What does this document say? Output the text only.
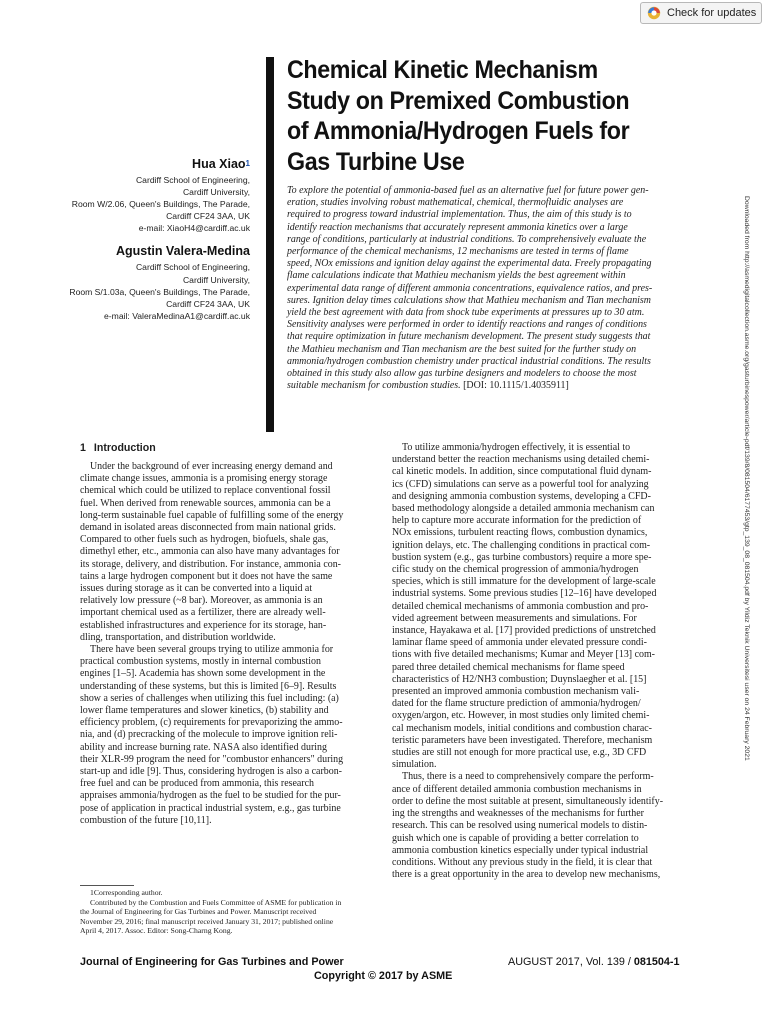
Check for updates
Hua Xiao$^1$
Cardiff School of Engineering,
Cardiff University,
Room W/2.06, Queen's Buildings, The Parade,
Cardiff CF24 3AA, UK
e-mail: XiaoH4@cardiff.ac.uk
Agustin Valera-Medina
Cardiff School of Engineering,
Cardiff University,
Room S/1.03a, Queen's Buildings, The Parade,
Cardiff CF24 3AA, UK
e-mail: ValeraMedinaA1@cardiff.ac.uk
Chemical Kinetic Mechanism
Study on Premixed Combustion
of Ammonia/Hydrogen Fuels for
Gas Turbine Use
To explore the potential of ammonia-based fuel as an alternative fuel for future power gen-
eration, studies involving robust mathematical, chemical, thermofluidic analyses are
required to progress toward industrial implementation. Thus, the aim of this study is to
identify reaction mechanisms that accurately represent ammonia kinetics over a large
range of conditions, particularly at industrial conditions. To comprehensively evaluate the
performance of the chemical mechanisms, 12 mechanisms are tested in terms of flame
speed, NOx emissions and ignition delay against the experimental data. Freely propagating
flame calculations indicate that Mathieu mechanism yields the best agreement within
experimental data range of different ammonia concentrations, equivalence ratios, and pres-
sures. Ignition delay times calculations show that Mathieu mechanism and Tian mechanism
yield the best agreement with data from shock tube experiments at pressures up to 30 atm.
Sensitivity analyses were performed in order to identify reactions and ranges of conditions
that require optimization in future mechanism development. The present study suggests that
the Mathieu mechanism and Tian mechanism are the best suited for the further study on
ammonia/hydrogen combustion chemistry under practical industrial conditions. The results
obtained in this study also allow gas turbine designers and modelers to choose the most
suitable mechanism for combustion studies. [DOI: 10.1115/1.4035911]	Downloaded from http://asmedigitalcollection.asme.org/gasturbinespower/article-pdf/139/8/081504/6177453/gtp_139_08_081504.pdf by Yildiz Teknik Universitesi user on 24 February 2021
1 Introduction
Under the background of ever increasing energy demand and
climate change issues, ammonia is a promising energy storage
chemical which could be utilized to replace conventional fossil
fuel. When derived from renewable sources, ammonia can be a
long-term sustainable fuel capable of fulfilling some of the energy
demand in isolated areas disconnected from main national grids.
Compared to other fuels such as hydrogen, biofuels, shale gas,
dimethyl ether, etc., ammonia can also have many advantages for
its storage, delivery, and distribution. For instance, ammonia con-
tains a large hydrogen component but it does not have the same
issues during storage as it can be converted into a liquid at
relatively low pressure (~8 bar). Moreover, as ammonia is an
important chemical used as a fertilizer, there are already well-
established infrastructures and experience for its storage, han-
dling, transportation, and distribution worldwide.
There have been several groups trying to utilize ammonia for
practical combustion systems, mostly in internal combustion
engines [1–5]. Academia has shown some development in the
understanding of these systems, but this is limited [6–9]. Results
show a series of challenges when utilizing this fuel including: (a)
lower flame temperatures and slower kinetics, (b) stability and
efficiency problem, (c) requirements for prevaporizing the ammo-
nia, and (d) precracking of the molecule to improve ignition reli-
ability and increase burning rate. NASA also identified during
their XLR-99 program the need for "combustor enhancers" during
start-up and idle [9]. Thus, considering hydrogen is also a carbon-
free fuel and can be produced from ammonia, this research
appraises ammonia/hydrogen as the fuel to be studied for the pur-
pose of application in practical industrial system, e.g., gas turbine
combustion of the future [10,11].
To utilize ammonia/hydrogen effectively, it is essential to
understand better the reaction mechanisms using detailed chemi-
cal kinetic models. In addition, since computational fluid dynam-
ics (CFD) simulations can serve as a powerful tool for analyzing
and designing ammonia combustion systems, developing a CFD-
based methodology alongside a detailed ammonia mechanism can
help to capture more accurate information for the prediction of
NOx emissions, turbulent reacting flows, combustion dynamics,
ignition delays, etc. The challenging conditions in practical com-
bustion system (e.g., gas turbine combustors) require a more spe-
cific study on the chemical progression of ammonia/hydrogen
species, which is still immature for the development of large-scale
industrial systems. Some previous studies [12–16] have developed
detailed chemical mechanisms of ammonia combustion and pro-
vided agreement between measurements and simulations. For
instance, Hayakawa et al. [17] provided predictions of unstretched
laminar flame speed of ammonia under elevated pressure condi-
tions with five detailed mechanisms; Kumar and Meyer [13] com-
pared three detailed chemical mechanisms for flame speed
characteristics of H2/NH3 combustion; Duynslaegher et al. [15]
presented an improved ammonia combustion mechanism vali-
dated for the flame structure prediction of ammonia/hydrogen/
oxygen/argon, etc. However, in most studies only limited chemi-
cal mechanism models, initial conditions and combustion charac-
teristic parameters have been investigated. Therefore, mechanism
studies are still not enough for more practical use, e.g., 3D CFD
simulation.
Thus, there is a need to comprehensively compare the perform-
ance of different detailed ammonia combustion mechanisms in
order to define the most suitable at present, simultaneously identify-
ing the strengths and weaknesses of the mechanisms for further
research. This can be resolved using numerical models to distin-
guish which one is capable of providing a better correlation to
ammonia combustion kinetics especially under typical industrial
conditions. Without any previous study in the field, it is clear that
there is a great opportunity in the area to develop new mechanisms,
1Corresponding author.
Contributed by the Combustion and Fuels Committee of ASME for publication in
the Journal of Engineering for Gas Turbines and Power. Manuscript received
November 29, 2016; final manuscript received January 31, 2017; published online
April 4, 2017. Assoc. Editor: Song-Charng Kong.
Journal of Engineering for Gas Turbines and Power	AUGUST 2017, Vol. 139 / 081504-1
Copyright © 2017 by ASME
